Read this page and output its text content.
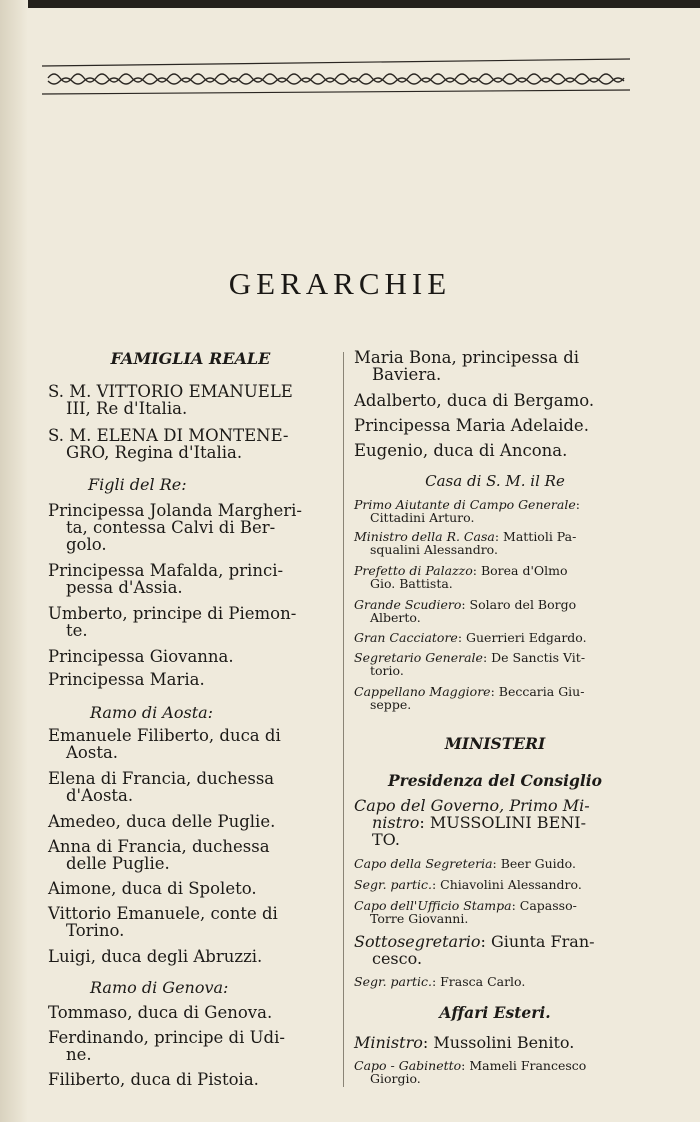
GERARCHIE
FAMIGLIA REALE
S. M. VITTORIO EMANUELE
III, Re d'Italia.
S. M. ELENA DI MONTENE-
GRO, Regina d'Italia.
Figli del Re:
Principessa Jolanda Margheri-
ta, contessa Calvi di Ber-
golo.
Principessa Mafalda, princi-
pessa d'Assia.
Umberto, principe di Piemon-
te.
Principessa Giovanna.
Principessa Maria.
Ramo di Aosta:
Emanuele Filiberto, duca di
Aosta.
Elena di Francia, duchessa
d'Aosta.
Amedeo, duca delle Puglie.
Anna di Francia, duchessa
delle Puglie.
Aimone, duca di Spoleto.
Vittorio Emanuele, conte di
Torino.
Luigi, duca degli Abruzzi.
Ramo di Genova:
Tommaso, duca di Genova.
Ferdinando, principe di Udi-
ne.
Filiberto, duca di Pistoia.
Maria Bona, principessa di
Baviera.
Adalberto, duca di Bergamo.
Principessa Maria Adelaide.
Eugenio, duca di Ancona.
Casa di S. M. il Re
Primo Aiutante di Campo Generale:
Cittadini Arturo.
Ministro della R. Casa: Mattioli Pa-
squalini Alessandro.
Prefetto di Palazzo: Borea d'Olmo
Gio. Battista.
Grande Scudiero: Solaro del Borgo
Alberto.
Gran Cacciatore: Guerrieri Edgardo.
Segretario Generale: De Sanctis Vit-
torio.
Cappellano Maggiore: Beccaria Giu-
seppe.
MINISTERI
Presidenza del Consiglio
Capo del Governo, Primo Mi-
nistro: MUSSOLINI BENI-
TO.
Capo della Segreteria: Beer Guido.
Segr. partic.: Chiavolini Alessandro.
Capo dell'Ufficio Stampa: Capasso-
Torre Giovanni.
Sottosegretario: Giunta Fran-
cesco.
Segr. partic.: Frasca Carlo.
Affari Esteri.
Ministro: Mussolini Benito.
Capo - Gabinetto: Mameli Francesco
Giorgio.
